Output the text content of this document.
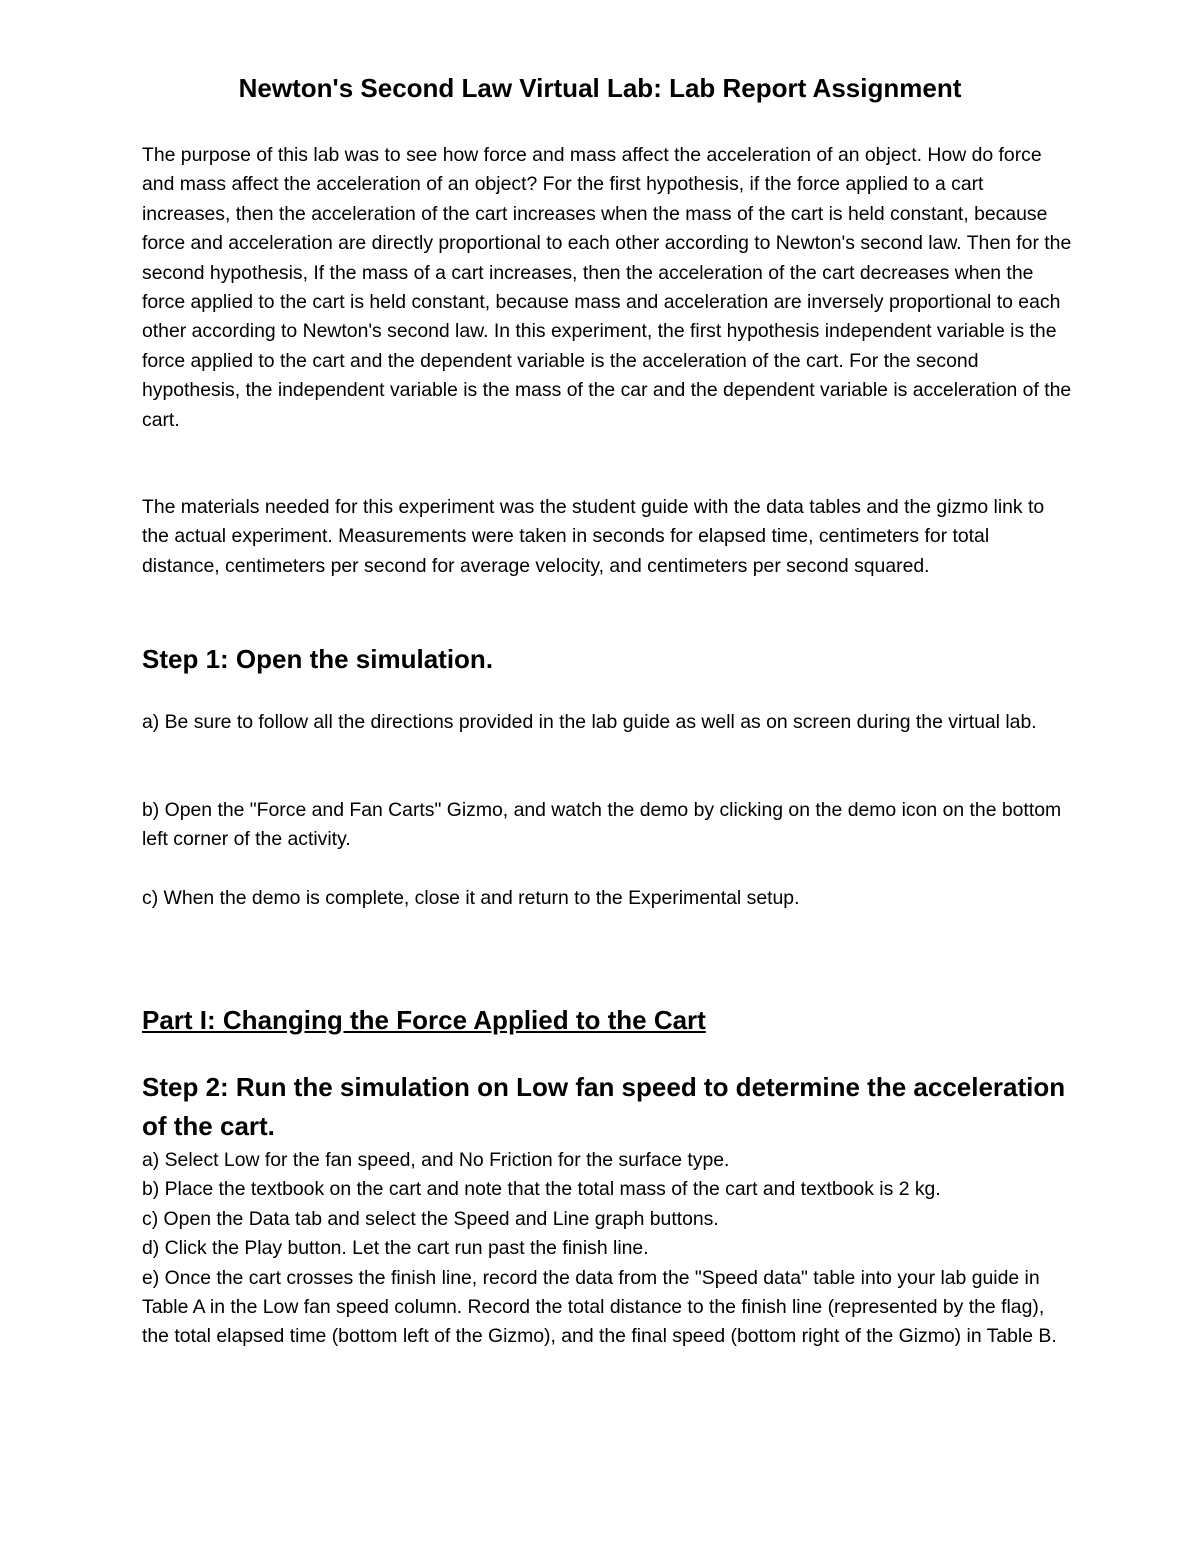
Newton's Second Law Virtual Lab: Lab Report Assignment

The purpose of this lab was to see how force and mass affect the acceleration of an object. How do force and mass affect the acceleration of an object? For the first hypothesis, if the force applied to a cart increases, then the acceleration of the cart increases when the mass of the cart is held constant, because force and acceleration are directly proportional to each other according to Newton's second law. Then for the second hypothesis, If the mass of a cart increases, then the acceleration of the cart decreases when the force applied to the cart is held constant, because mass and acceleration are inversely proportional to each other according to Newton's second law. In this experiment, the first hypothesis independent variable is the force applied to the cart and the dependent variable is the acceleration of the cart. For the second hypothesis, the independent variable is the mass of the car and the dependent variable is acceleration of the cart.

The materials needed for this experiment was the student guide with the data tables and the gizmo link to the actual experiment. Measurements were taken in seconds for elapsed time, centimeters for total distance, centimeters per second for average velocity, and centimeters per second squared.

Step 1: Open the simulation.

a) Be sure to follow all the directions provided in the lab guide as well as on screen during the virtual lab.

b) Open the "Force and Fan Carts" Gizmo, and watch the demo by clicking on the demo icon on the bottom left corner of the activity.

c) When the demo is complete, close it and return to the Experimental setup.

Part I: Changing the Force Applied to the Cart
Step 2: Run the simulation on Low fan speed to determine the acceleration of the cart.
a) Select Low for the fan speed, and No Friction for the surface type.
b) Place the textbook on the cart and note that the total mass of the cart and textbook is 2 kg.
c) Open the Data tab and select the Speed and Line graph buttons.
d) Click the Play button. Let the cart run past the finish line.
e) Once the cart crosses the finish line, record the data from the "Speed data" table into your lab guide in Table A in the Low fan speed column. Record the total distance to the finish line (represented by the flag), the total elapsed time (bottom left of the Gizmo), and the final speed (bottom right of the Gizmo) in Table B.
